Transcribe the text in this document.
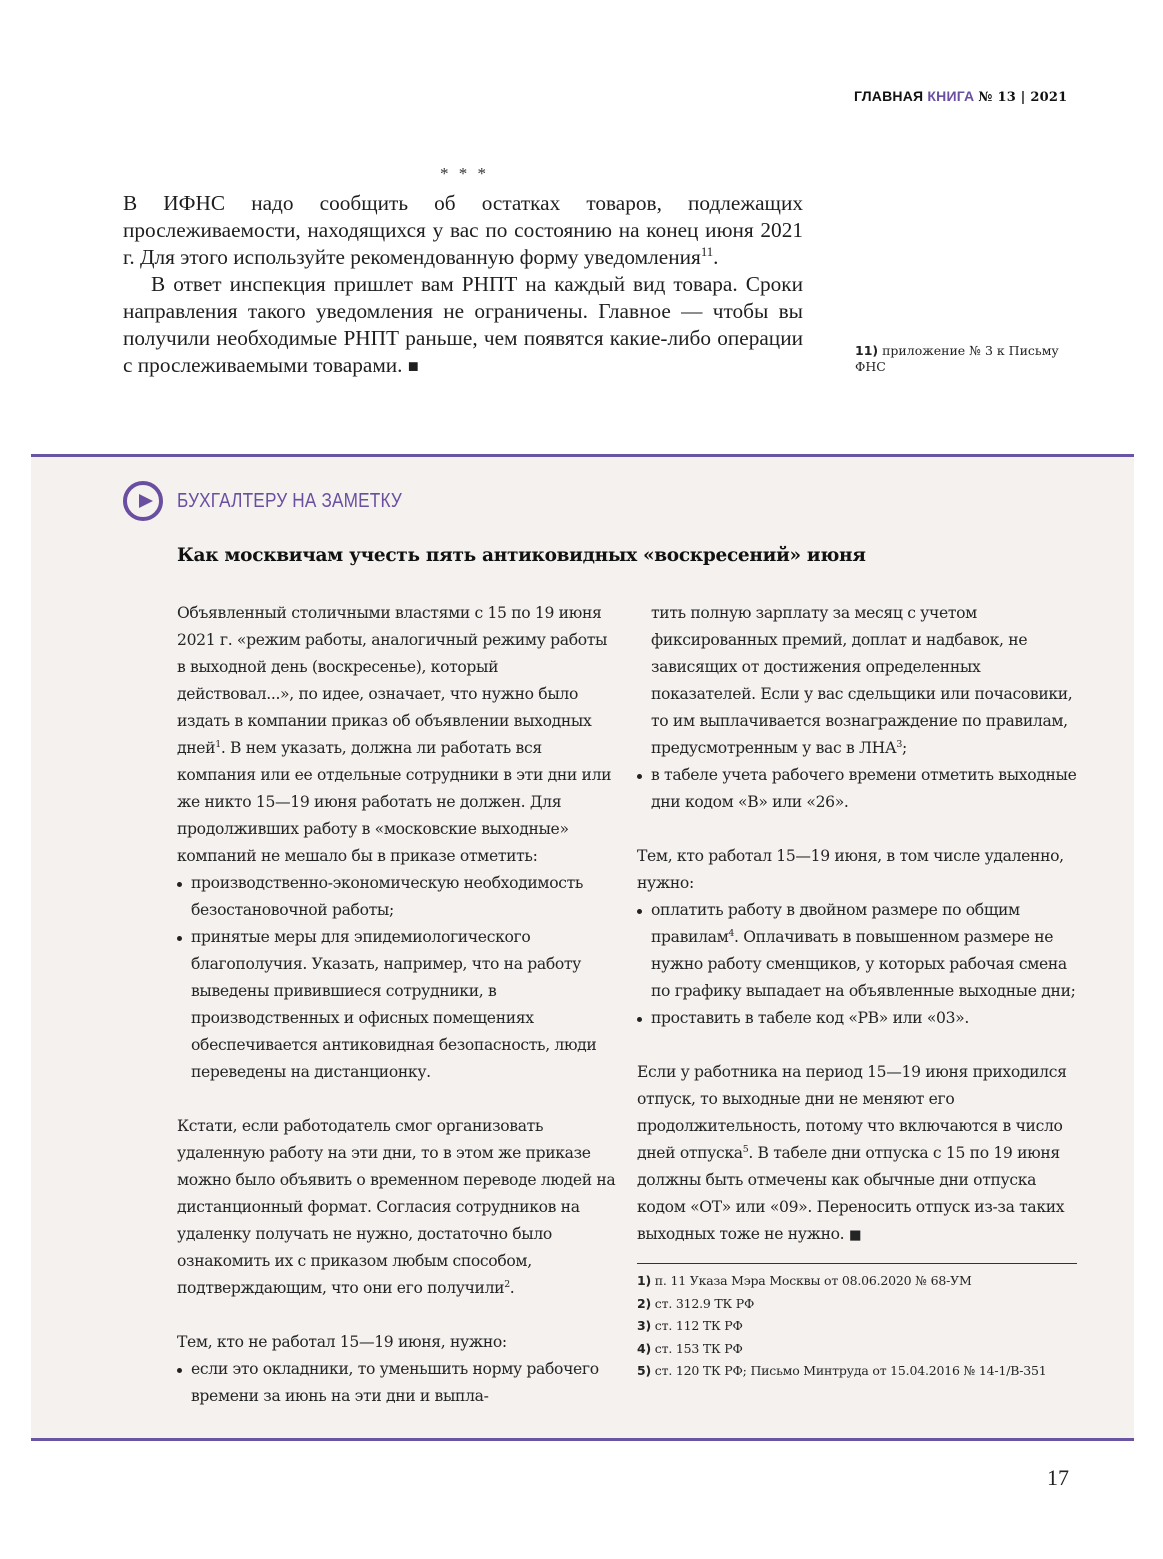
ГЛАВНАЯ КНИГА № 13 | 2021
* * *

В ИФНС надо сообщить об остатках товаров, подлежащих прослеживаемости, находящихся у вас по состоянию на конец июня 2021 г. Для этого используйте рекомендованную форму уведомления$^{11}$.

В ответ инспекция пришлет вам РНПТ на каждый вид товара. Сроки направления такого уведомления не ограничены. Главное — чтобы вы получили необходимые РНПТ раньше, чем появятся какие-либо операции с прослеживаемыми товарами. ■

11) приложение № 3 к Письму ФНС
БУХГАЛТЕРУ НА ЗАМЕТКУ
Как москвичам учесть пять антиковидных «воскресений» июня

Объявленный столичными властями с 15 по 19 июня 2021 г. «режим работы, аналогичный режиму работы в выходной день (воскресенье), который действовал...», по идее, означает, что нужно было издать в компании приказ об объявлении выходных дней$^1$. В нем указать, должна ли работать вся компания или ее отдельные сотрудники в эти дни или же никто 15—19 июня работать не должен. Для продолживших работу в «московские выходные» компаний не мешало бы в приказе отметить:

производственно-экономическую необходимость безостановочной работы;
принятые меры для эпидемиологического благополучия. Указать, например, что на работу выведены привившиеся сотрудники, в производственных и офисных помещениях обеспечивается антиковидная безопасность, люди переведены на дистанционку.

Кстати, если работодатель смог организовать удаленную работу на эти дни, то в этом же приказе можно было объявить о временном переводе людей на дистанционный формат. Согласия сотрудников на удаленку получать не нужно, достаточно было ознакомить их с приказом любым способом, подтверждающим, что они его получили$^2$.

Тем, кто не работал 15—19 июня, нужно:

если это окладники, то уменьшить норму рабочего времени за июнь на эти дни и выпла-
тить полную зарплату за месяц с учетом фиксированных премий, доплат и надбавок, не зависящих от достижения определенных показателей. Если у вас сдельщики или почасовики, то им выплачивается вознаграждение по правилам, предусмотренным у вас в ЛНА$^3$;
в табеле учета рабочего времени отметить выходные дни кодом «В» или «26».

Тем, кто работал 15—19 июня, в том числе удаленно, нужно:

оплатить работу в двойном размере по общим правилам$^4$. Оплачивать в повышенном размере не нужно работу сменщиков, у которых рабочая смена по графику выпадает на объявленные выходные дни;
проставить в табеле код «РВ» или «03».

Если у работника на период 15—19 июня приходился отпуск, то выходные дни не меняют его продолжительность, потому что включаются в число дней отпуска$^5$. В табеле дни отпуска с 15 по 19 июня должны быть отмечены как обычные дни отпуска кодом «ОТ» или «09». Переносить отпуск из-за таких выходных тоже не нужно. ■

1) п. 11 Указа Мэра Москвы от 08.06.2020 № 68-УМ
2) ст. 312.9 ТК РФ
3) ст. 112 ТК РФ
4) ст. 153 ТК РФ
5) ст. 120 ТК РФ; Письмо Минтруда от 15.04.2016 № 14-1/В-351
17
